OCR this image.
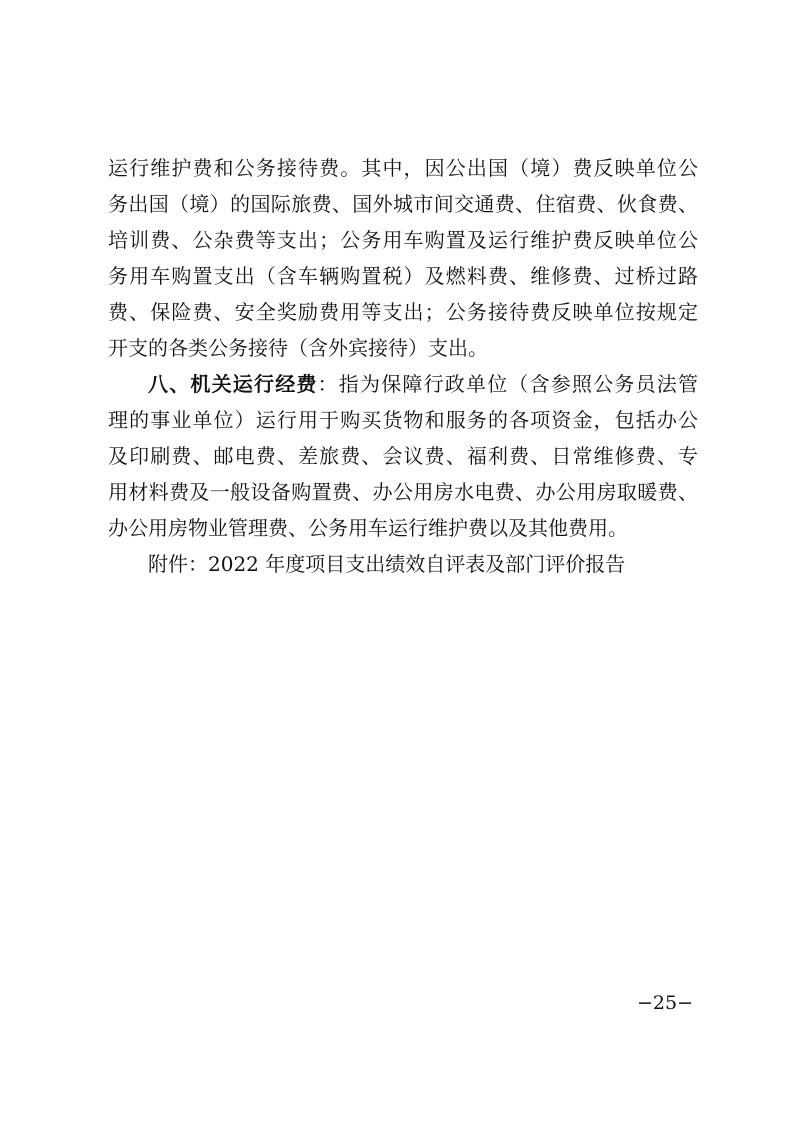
运行维护费和公务接待费。其中，因公出国（境）费反映单位公
务出国（境）的国际旅费、国外城市间交通费、住宿费、伙食费、
培训费、公杂费等支出；公务用车购置及运行维护费反映单位公
务用车购置支出（含车辆购置税）及燃料费、维修费、过桥过路
费、保险费、安全奖励费用等支出；公务接待费反映单位按规定
开支的各类公务接待（含外宾接待）支出。
八、机关运行经费：指为保障行政单位（含参照公务员法管
理的事业单位）运行用于购买货物和服务的各项资金，包括办公
及印刷费、邮电费、差旅费、会议费、福利费、日常维修费、专
用材料费及一般设备购置费、办公用房水电费、办公用房取暖费、
办公用房物业管理费、公务用车运行维护费以及其他费用。
附件：2022 年度项目支出绩效自评表及部门评价报告
−25−
